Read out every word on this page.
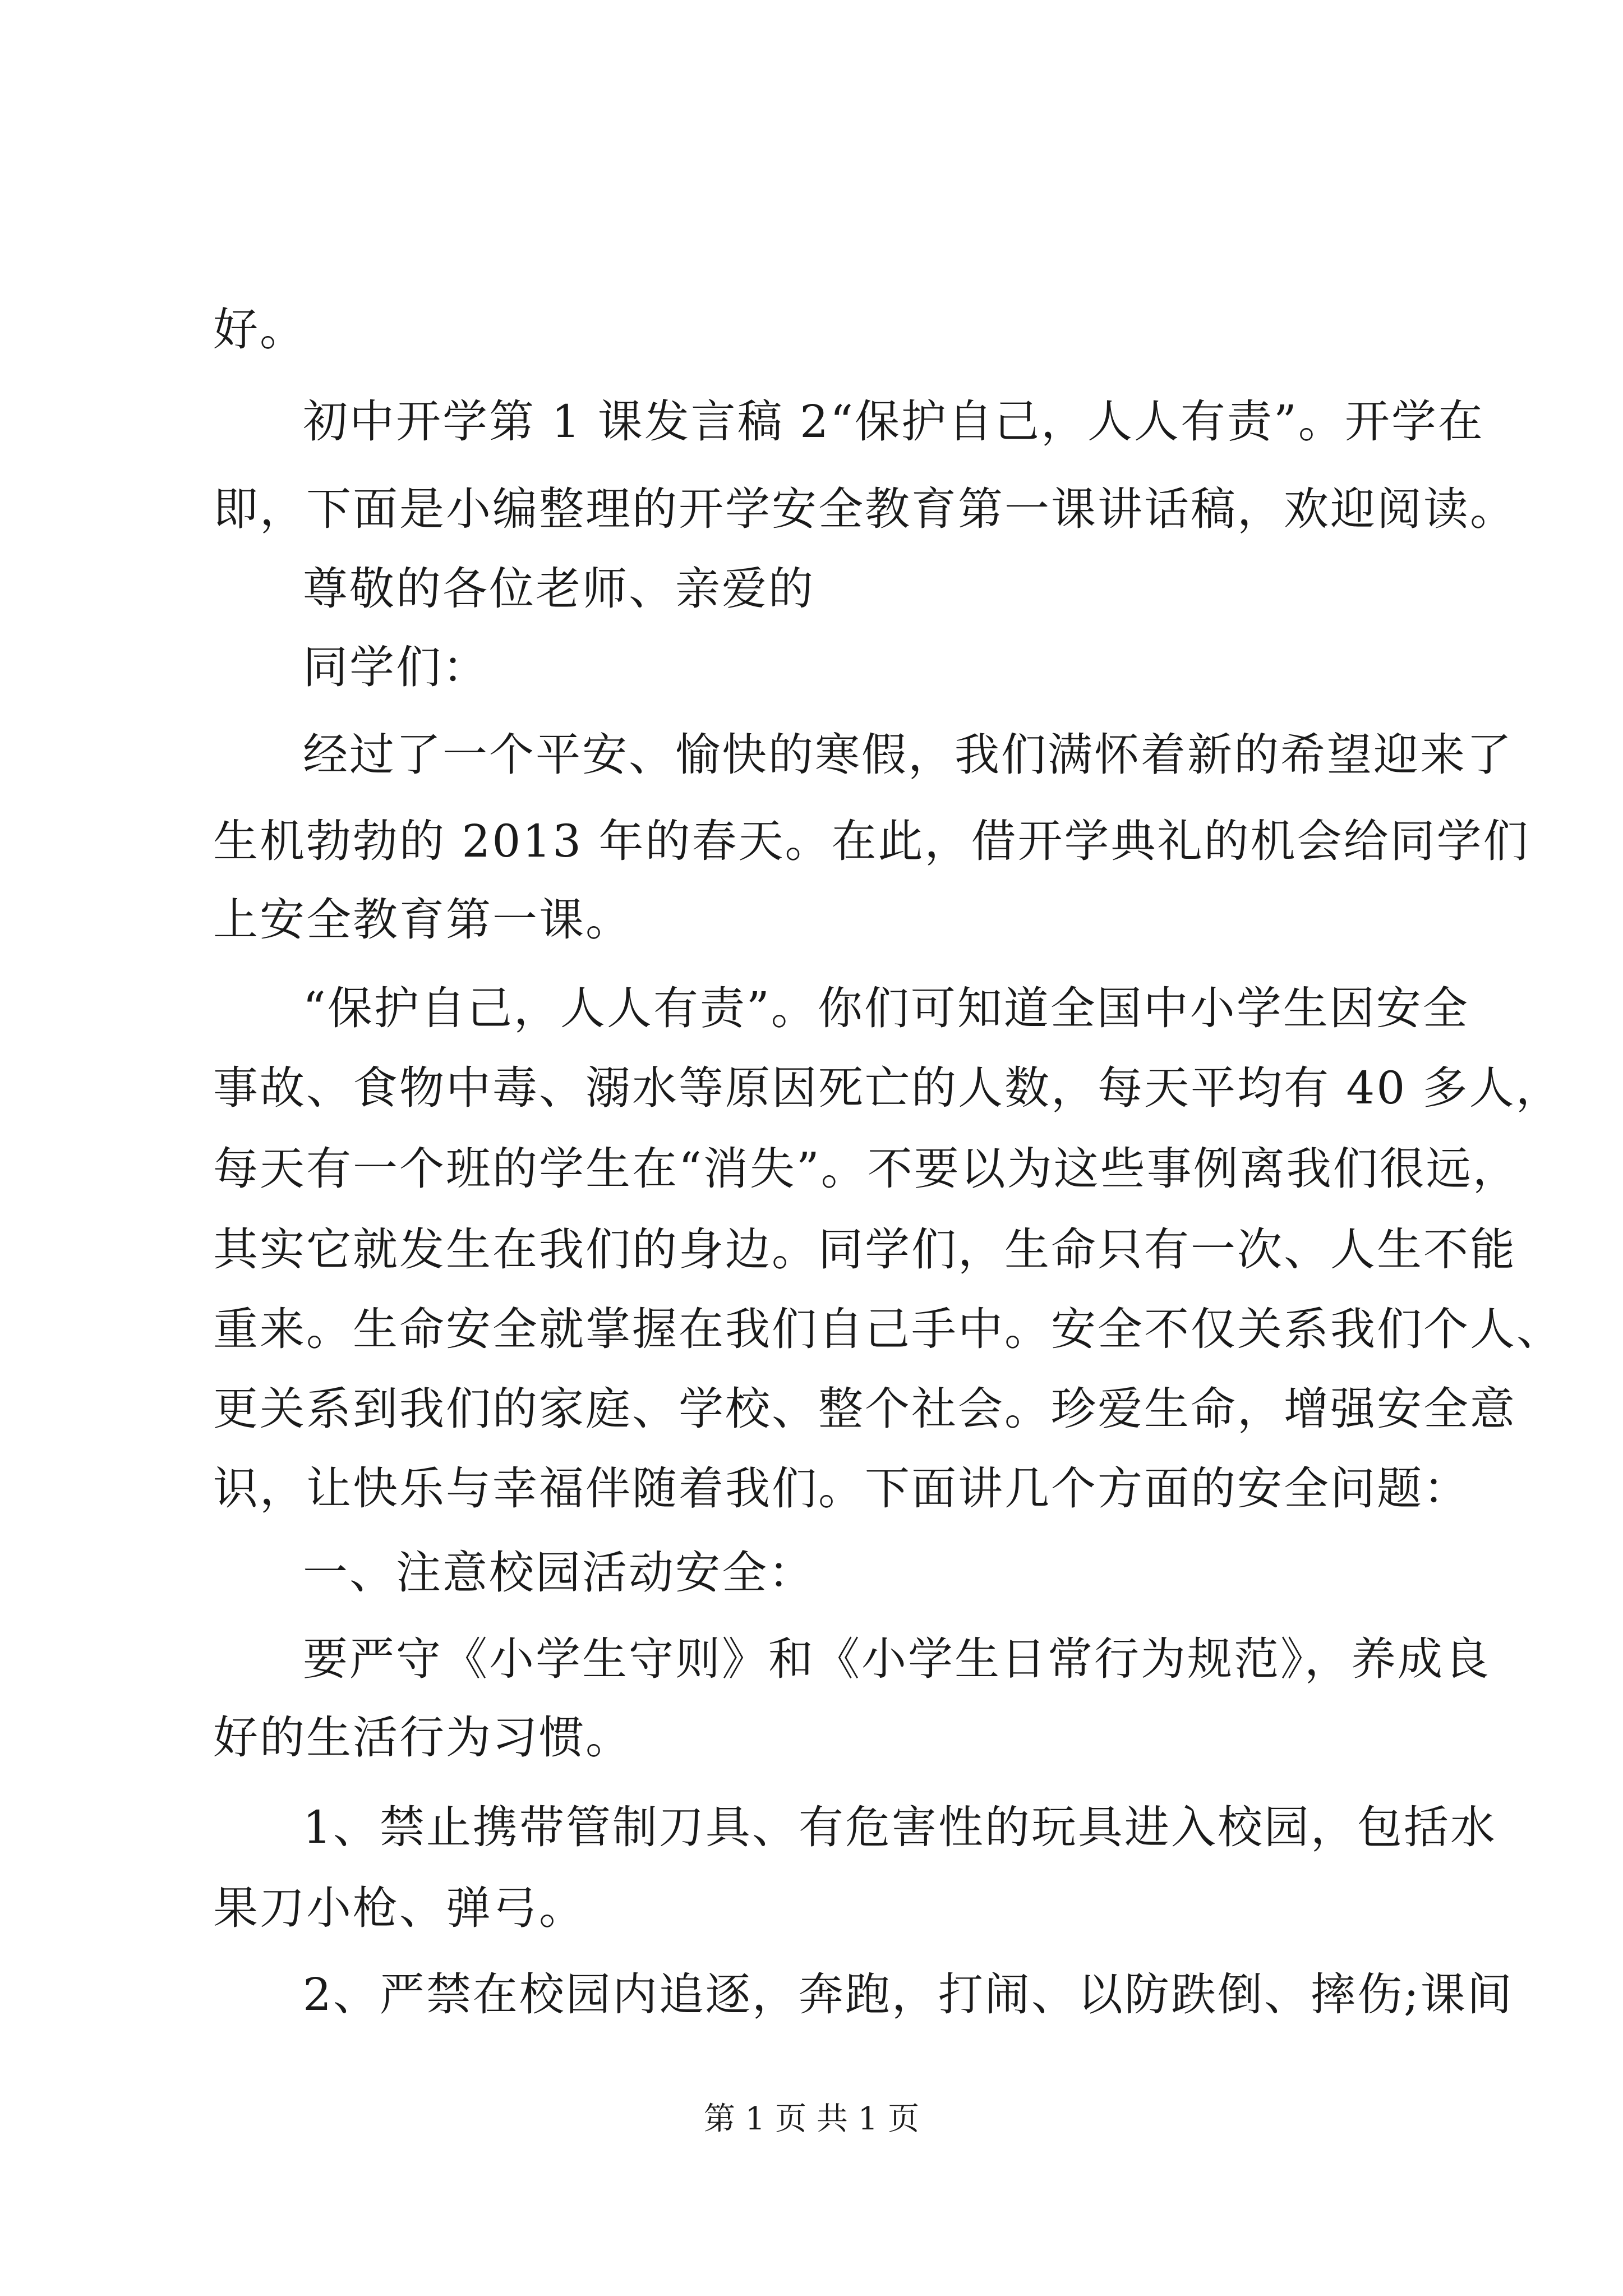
好。
初中开学第 1 课发言稿 2“保护自己，人人有责”。开学在
即，下面是小编整理的开学安全教育第一课讲话稿，欢迎阅读。
尊敬的各位老师、亲爱的
同学们：
经过了一个平安、愉快的寒假，我们满怀着新的希望迎来了
生机勃勃的 2013 年的春天。在此，借开学典礼的机会给同学们
上安全教育第一课。
“保护自己，人人有责”。你们可知道全国中小学生因安全
事故、食物中毒、溺水等原因死亡的人数，每天平均有 40 多人，
每天有一个班的学生在“消失”。不要以为这些事例离我们很远，
其实它就发生在我们的身边。同学们，生命只有一次、人生不能
重来。生命安全就掌握在我们自己手中。安全不仅关系我们个人、
更关系到我们的家庭、学校、整个社会。珍爱生命，增强安全意
识，让快乐与幸福伴随着我们。下面讲几个方面的安全问题：
一、注意校园活动安全：
要严守《小学生守则》和《小学生日常行为规范》，养成良
好的生活行为习惯。
1、禁止携带管制刀具、有危害性的玩具进入校园，包括水
果刀小枪、弹弓。
2、严禁在校园内追逐，奔跑，打闹、以防跌倒、摔伤;课间
第 1 页 共 1 页
